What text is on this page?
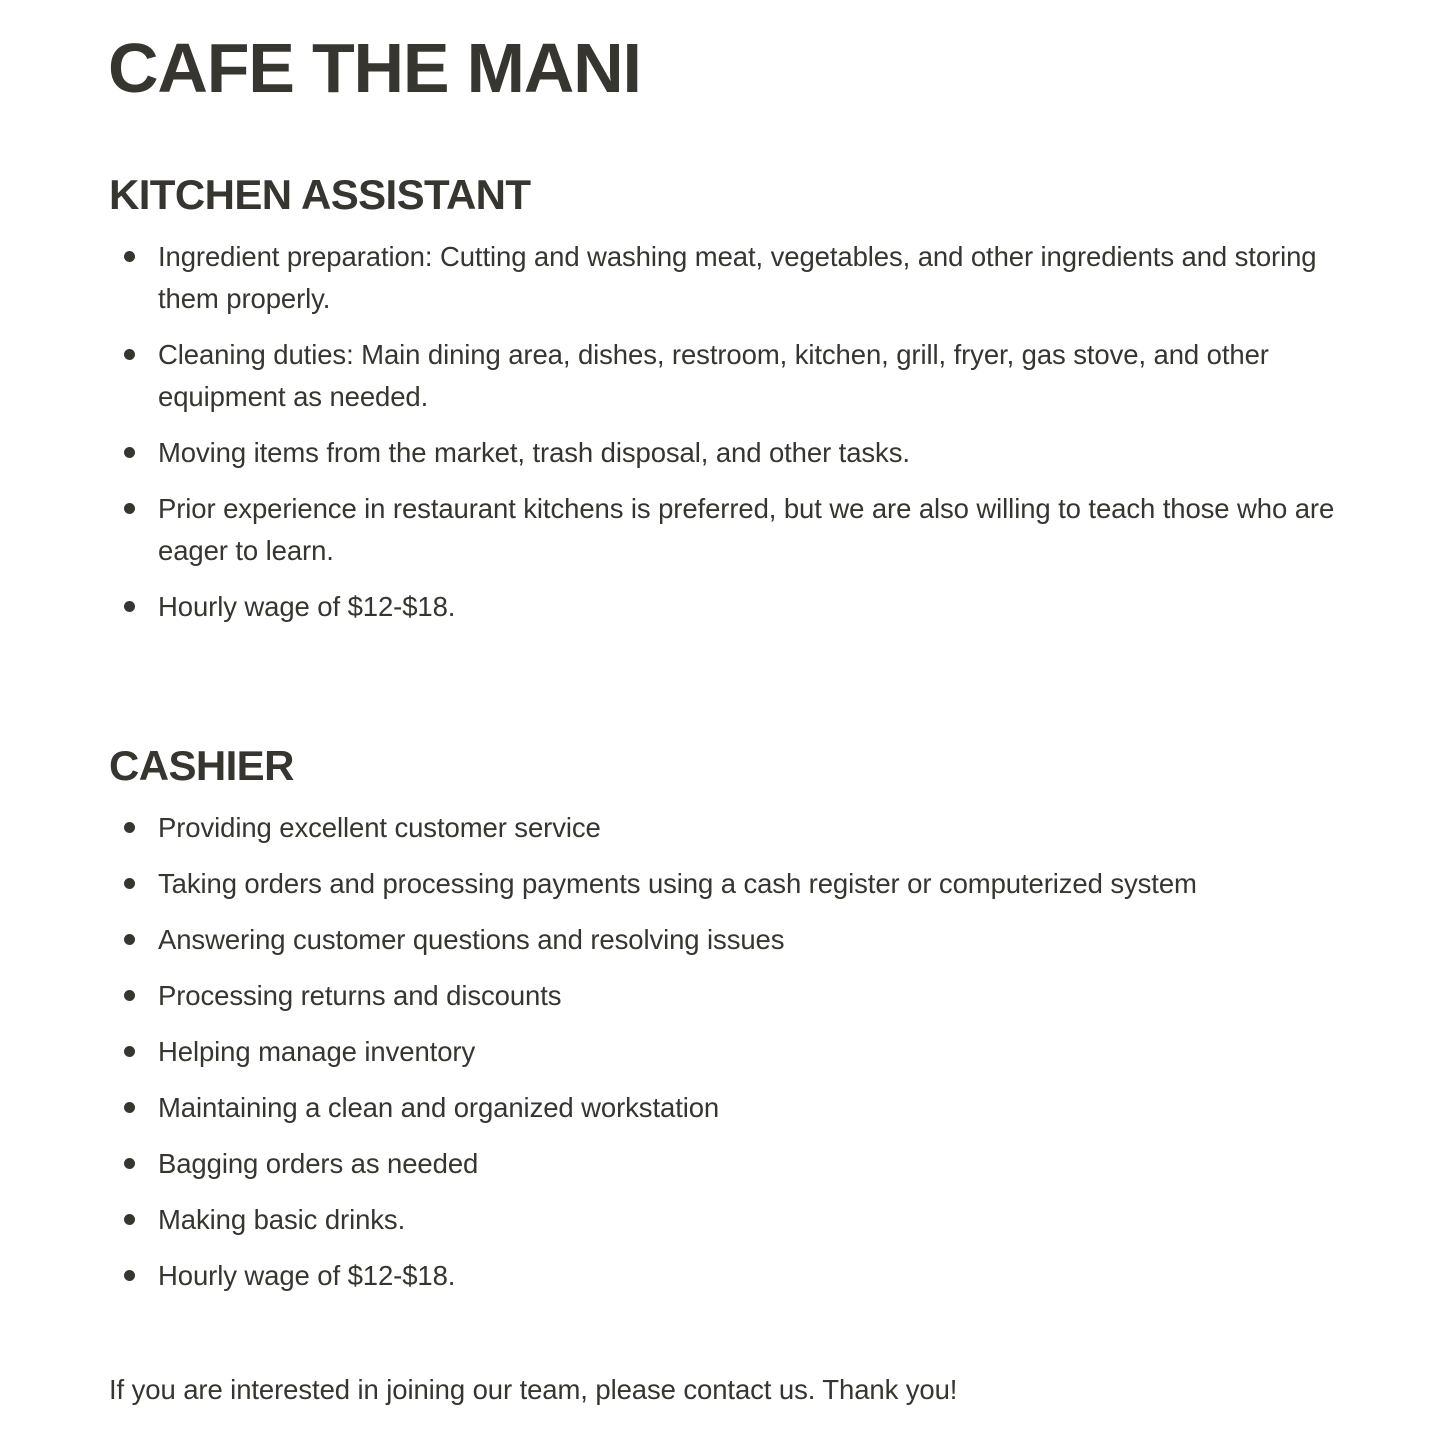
CAFE THE MANI
KITCHEN ASSISTANT
Ingredient preparation: Cutting and washing meat, vegetables, and other ingredients and storing them properly.
Cleaning duties: Main dining area, dishes, restroom, kitchen, grill, fryer, gas stove, and other equipment as needed.
Moving items from the market, trash disposal, and other tasks.
Prior experience in restaurant kitchens is preferred, but we are also willing to teach those who are eager to learn.
Hourly wage of $12-$18.
CASHIER
Providing excellent customer service
Taking orders and processing payments using a cash register or computerized system
Answering customer questions and resolving issues
Processing returns and discounts
Helping manage inventory
Maintaining a clean and organized workstation
Bagging orders as needed
Making basic drinks.
Hourly wage of $12-$18.

If you are interested in joining our team, please contact us. Thank you!
